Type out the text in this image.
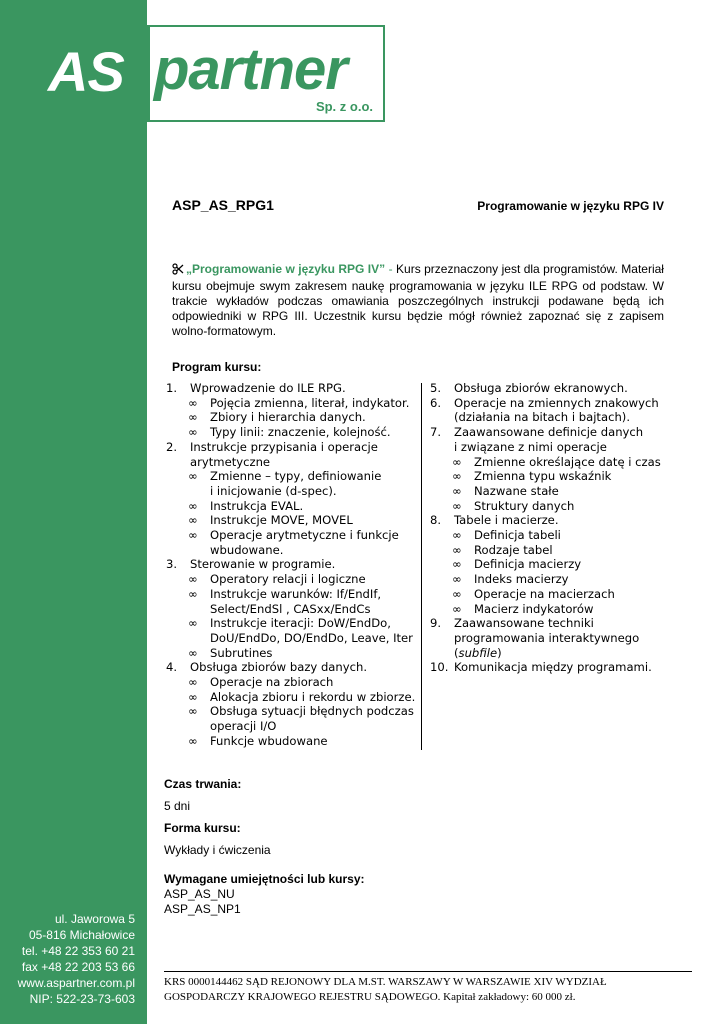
AS partner
Sp. z o.o.
ASP_AS_RPG1	Programowanie w języku RPG IV
„Programowanie w języku RPG IV” - Kurs przeznaczony jest dla programistów. Materiał kursu obejmuje swym zakresem naukę programowania w języku ILE RPG od podstaw. W trakcie wykładów podczas omawiania poszczególnych instrukcji podawane będą ich odpowiedniki w RPG III. Uczestnik kursu będzie mógł również zapoznać się z zapisem wolno-formatowym.
Program kursu:
1.	Wprowadzenie do ILE RPG.
∞	Pojęcia zmienna, literał, indykator.
∞	Zbiory i hierarchia danych.
∞	Typy linii: znaczenie, kolejność.
2.	Instrukcje przypisania i operacje
arytmetyczne
∞	Zmienne – typy, definiowanie
i inicjowanie (d-spec).
∞	Instrukcja EVAL.
∞	Instrukcje MOVE, MOVEL
∞	Operacje arytmetyczne i funkcje
wbudowane.
3.	Sterowanie w programie.
∞	Operatory relacji i logiczne
∞	Instrukcje warunków: If/EndIf,
Select/EndSl , CASxx/EndCs
∞	Instrukcje iteracji: DoW/EndDo,
DoU/EndDo, DO/EndDo, Leave, Iter
∞	Subrutines
4.	Obsługa zbiorów bazy danych.
∞	Operacje na zbiorach
∞	Alokacja zbioru i rekordu w zbiorze.
∞	Obsługa sytuacji błędnych podczas
operacji I/O
∞	Funkcje wbudowane
5.	Obsługa zbiorów ekranowych.
6.	Operacje na zmiennych znakowych
(działania na bitach i bajtach).
7.	Zaawansowane definicje danych
i związane z nimi operacje
∞	Zmienne określające datę i czas
∞	Zmienna typu wskaźnik
∞	Nazwane stałe
∞	Struktury danych
8.	Tabele i macierze.
∞	Definicja tabeli
∞	Rodzaje tabel
∞	Definicja macierzy
∞	Indeks macierzy
∞	Operacje na macierzach
∞	Macierz indykatorów
9.	Zaawansowane techniki
programowania interaktywnego
(subfile)
10. Komunikacja między programami.
Czas trwania:
5 dni
Forma kursu:
Wykłady i ćwiczenia
Wymagane umiejętności lub kursy:
ASP_AS_NU
ASP_AS_NP1
ul. Jaworowa 5
05-816 Michałowice
tel. +48 22 353 60 21
fax +48 22 203 53 66
www.aspartner.com.pl
NIP: 522-23-73-603
KRS 0000144462 SĄD REJONOWY DLA M.ST. WARSZAWY W WARSZAWIE XIV WYDZIAŁ
GOSPODARCZY KRAJOWEGO REJESTRU SĄDOWEGO. Kapitał zakładowy: 60 000 zł.
